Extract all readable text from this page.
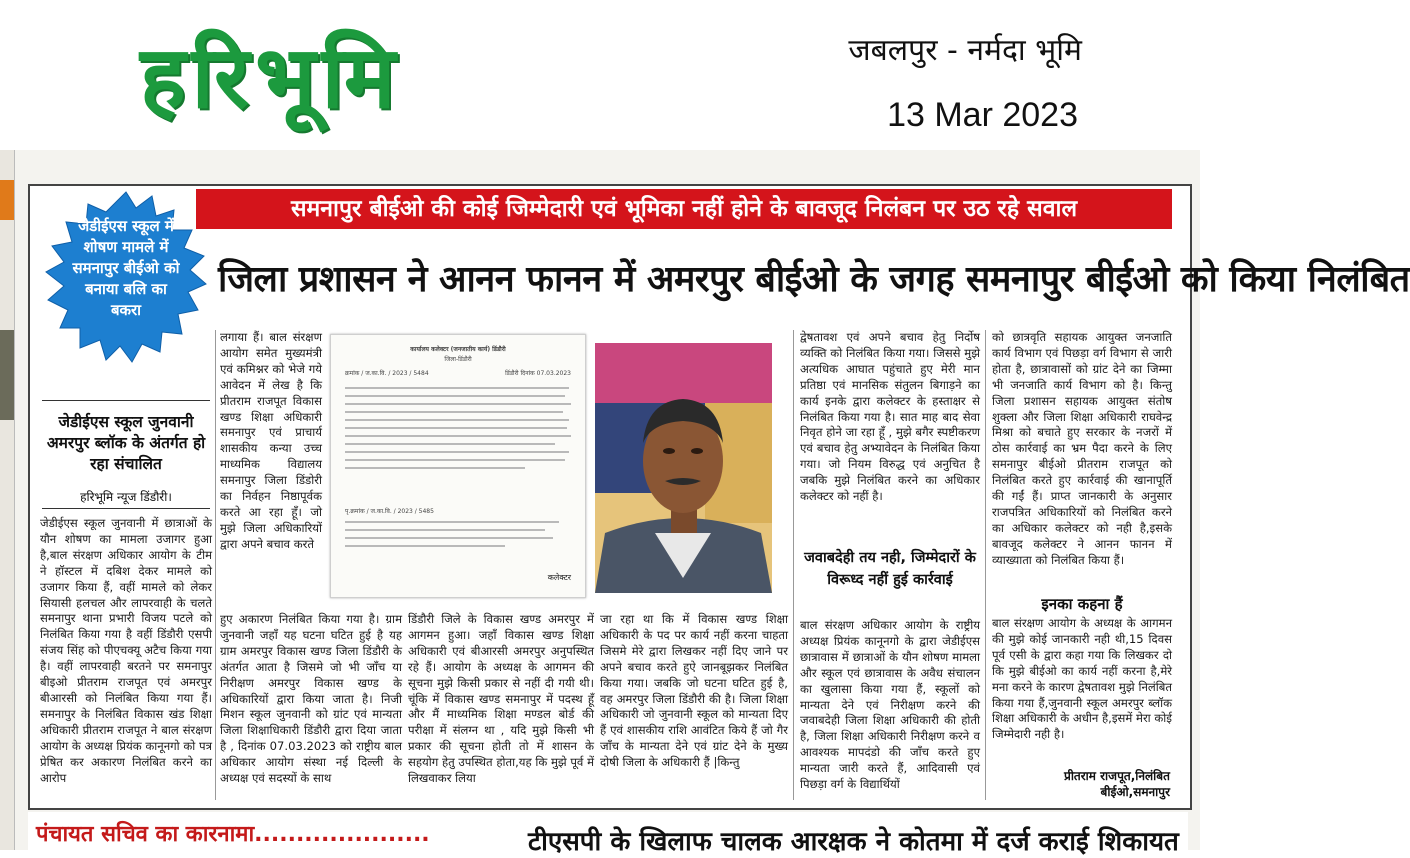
हरिभूमि	जबलपुर - नर्मदा भूमि
13 Mar 2023
जेडीईएस स्कूल में शोषण मामले में समनापुर बीईओ को बनाया बलि का बकरा
समनापुर बीईओ की कोई जिम्मेदारी एवं भूमिका नहीं होने के बावजूद निलंबन पर उठ रहे सवाल
जिला प्रशासन ने आनन फानन में अमरपुर बीईओ के जगह समनापुर बीईओ को किया निलंबित
जेडीईएस स्कूल जुनवानी अमरपुर ब्लॉक के अंतर्गत हो रहा संचालित
हरिभूमि न्यूज डिंडौरी।

जेडीईएस स्कूल जुनवानी में छात्राओं के यौन शोषण का मामला उजागर हुआ है,बाल संरक्षण अधिकार आयोग के टीम ने हॉस्टल में दबिश देकर मामले को उजागर किया हैं, वहीं मामले को लेकर सियासी हलचल और लापरवाही के चलते समनापुर थाना प्रभारी विजय पटले को निलंबित किया गया है वहीं डिंडौरी एसपी संजय सिंह को पीएचक्यू अटैच किया गया है। वहीं लापरवाही बरतने पर समनापुर बीइओ प्रीतराम राजपूत एवं अमरपुर बीआरसी को निलंबित किया गया हैं। समनापुर के निलंबित विकास खंड शिक्षा अधिकारी प्रीतराम राजपूत ने बाल संरक्षण आयोग के अध्यक्ष प्रियंक कानूनगो को पत्र प्रेषित कर अकारण निलंबित करने का आरोप

लगाया हैं। बाल संरक्षण आयोग समेत मुख्यमंत्री एवं कमिश्नर को भेजे गये आवेदन में लेख है कि प्रीतराम राजपूत विकास खण्ड शिक्षा अधिकारी समनापुर एवं प्राचार्य शासकीय कन्या उच्च माध्यमिक विद्यालय समनापुर जिला डिंडोरी का निर्वहन निष्ठापूर्वक करते आ रहा हूँ। जो मुझे जिला अधिकारियों द्वारा अपने बचाव करते

हुए अकारण निलंबित किया गया है। ग्राम जुनवानी जहाँ यह घटना घटित हुई है यह ग्राम अमरपुर विकास खण्ड जिला डिंडौरी के अंतर्गत आता है जिसमे जो भी जाँच या निरीक्षण अमरपुर विकास खण्ड के अधिकारियों द्वारा किया जाता है। निजी मिशन स्कूल जुनवानी को ग्रांट एवं मान्यता जिला शिक्षाधिकारी डिंडौरी द्वारा दिया जाता है , दिनांक 07.03.2023 को राष्ट्रीय बाल अधिकार आयोग संस्था नई दिल्ली के अध्यक्ष एवं सदस्यों के साथ

डिंडौरी जिले के विकास खण्ड अमरपुर में आगमन हुआ। जहाँ विकास खण्ड शिक्षा अधिकारी एवं बीआरसी अमरपुर अनुपस्थित रहे हैं। आयोग के अध्यक्ष के आगमन की सूचना मुझे किसी प्रकार से नहीं दी गयी थी। चूंकि में विकास खण्ड समनापुर में पदस्थ हूँ और मैं माध्यमिक शिक्षा मण्डल बोर्ड की परीक्षा में संलग्न था , यदि मुझे किसी भी प्रकार की सूचना होती तो में शासन के सहयोग हेतु उपस्थित होता,यह कि मुझे पूर्व में लिखवाकर लिया

जा रहा था कि में विकास खण्ड शिक्षा अधिकारी के पद पर कार्य नहीं करना चाहता जिसमे मेरे द्वारा लिखकर नहीं दिए जाने पर अपने बचाव करते हुऐ जानबूझकर निलंबित किया गया। जबकि जो घटना घटित हुई है, वह अमरपुर जिला डिंडौरी की है। जिला शिक्षा अधिकारी जो जुनवानी स्कूल को मान्यता दिए हैं एवं शासकीय राशि आवंटित किये हैं जो गैर जाँच के मान्यता देने एवं ग्रांट देने के मुख्य दोषी जिला के अधिकारी हैं |किन्तु

द्वेषतावश एवं अपने बचाव हेतु निर्दोष व्यक्ति को निलंबित किया गया। जिससे मुझे अत्यधिक आघात पहुंचाते हुए मेरी मान प्रतिष्ठा एवं मानसिक संतुलन बिगाड़ने का कार्य इनके द्वारा कलेक्टर के हस्ताक्षर से निलंबित किया गया है। सात माह बाद सेवा निवृत होने जा रहा हूँ , मुझे बगैर स्पष्टीकरण एवं बचाव हेतु अभ्यावेदन के निलंबित किया गया। जो नियम विरुद्ध एवं अनुचित है जबकि मुझे निलंबित करने का अधिकार कलेक्टर को नहीं है।

जवाबदेही तय नही, जिम्मेदारों के विरूध्द नहीं हुई कार्रवाई

बाल संरक्षण अधिकार आयोग के राष्ट्रीय अध्यक्ष प्रियंक कानूनगो के द्वारा जेडीईएस छात्रावास में छात्राओं के यौन शोषण मामला और स्कूल एवं छात्रावास के अवैध संचालन का खुलासा किया गया हैं, स्कूलों को मान्यता देने एवं निरीक्षण करने की जवाबदेही जिला शिक्षा अधिकारी की होती है, जिला शिक्षा अधिकारी निरीक्षण करने व आवश्यक मापदंडो की जाँच करते हुए मान्यता जारी करते हैं, आदिवासी एवं पिछड़ा वर्ग के विद्यार्थियों

को छात्रवृति सहायक आयुक्त जनजाति कार्य विभाग एवं पिछड़ा वर्ग विभाग से जारी होता है, छात्रावासों को ग्रांट देने का जिम्मा भी जनजाति कार्य विभाग को है। किन्तु जिला प्रशासन सहायक आयुक्त संतोष शुक्ला और जिला शिक्षा अधिकारी राघवेन्द्र मिश्रा को बचाते हुए सरकार के नजरों में ठोस कार्रवाई का भ्रम पैदा करने के लिए समनापुर बीईओ प्रीतराम राजपूत को निलंबित करते हुए कार्रवाई की खानापूर्ति की गईं हैं। प्राप्त जानकारी के अनुसार राजपत्रित अधिकारियों को निलंबित करने का अधिकार कलेक्टर को नही है,इसके बावजूद कलेक्टर ने आनन फानन में व्याख्याता को निलंबित किया हैं।

इनका कहना हैं

बाल संरक्षण आयोग के अध्यक्ष के आगमन की मुझे कोई जानकारी नही थी,15 दिवस पूर्व एसी के द्वारा कहा गया कि लिखकर दो कि मुझे बीईओ का कार्य नहीं करना है,मेरे मना करने के कारण द्वेषतावश मुझे निलंबित किया गया हैं,जुनवानी स्कूल अमरपुर ब्लॉक शिक्षा अधिकारी के अधीन है,इसमें मेरा कोई जिम्मेदारी नही है।

प्रीतराम राजपूत,निलंबित बीईओ,समनापुर
कार्यालय कलेक्टर (जनजातीय कार्य) डिंडौरी
जिला-डिंडौरी
क्रमांक / ज.का.वि. / 2023 / 5484	डिंडौरी दिनांक 07.03.2023
पृ.क्रमांक / ज.का.वि. / 2023 / 5485
कलेक्टर
पंचायत सचिव का कारनामा.....................	टीएसपी के खिलाफ चालक आरक्षक ने कोतमा में दर्ज कराई शिकायत
